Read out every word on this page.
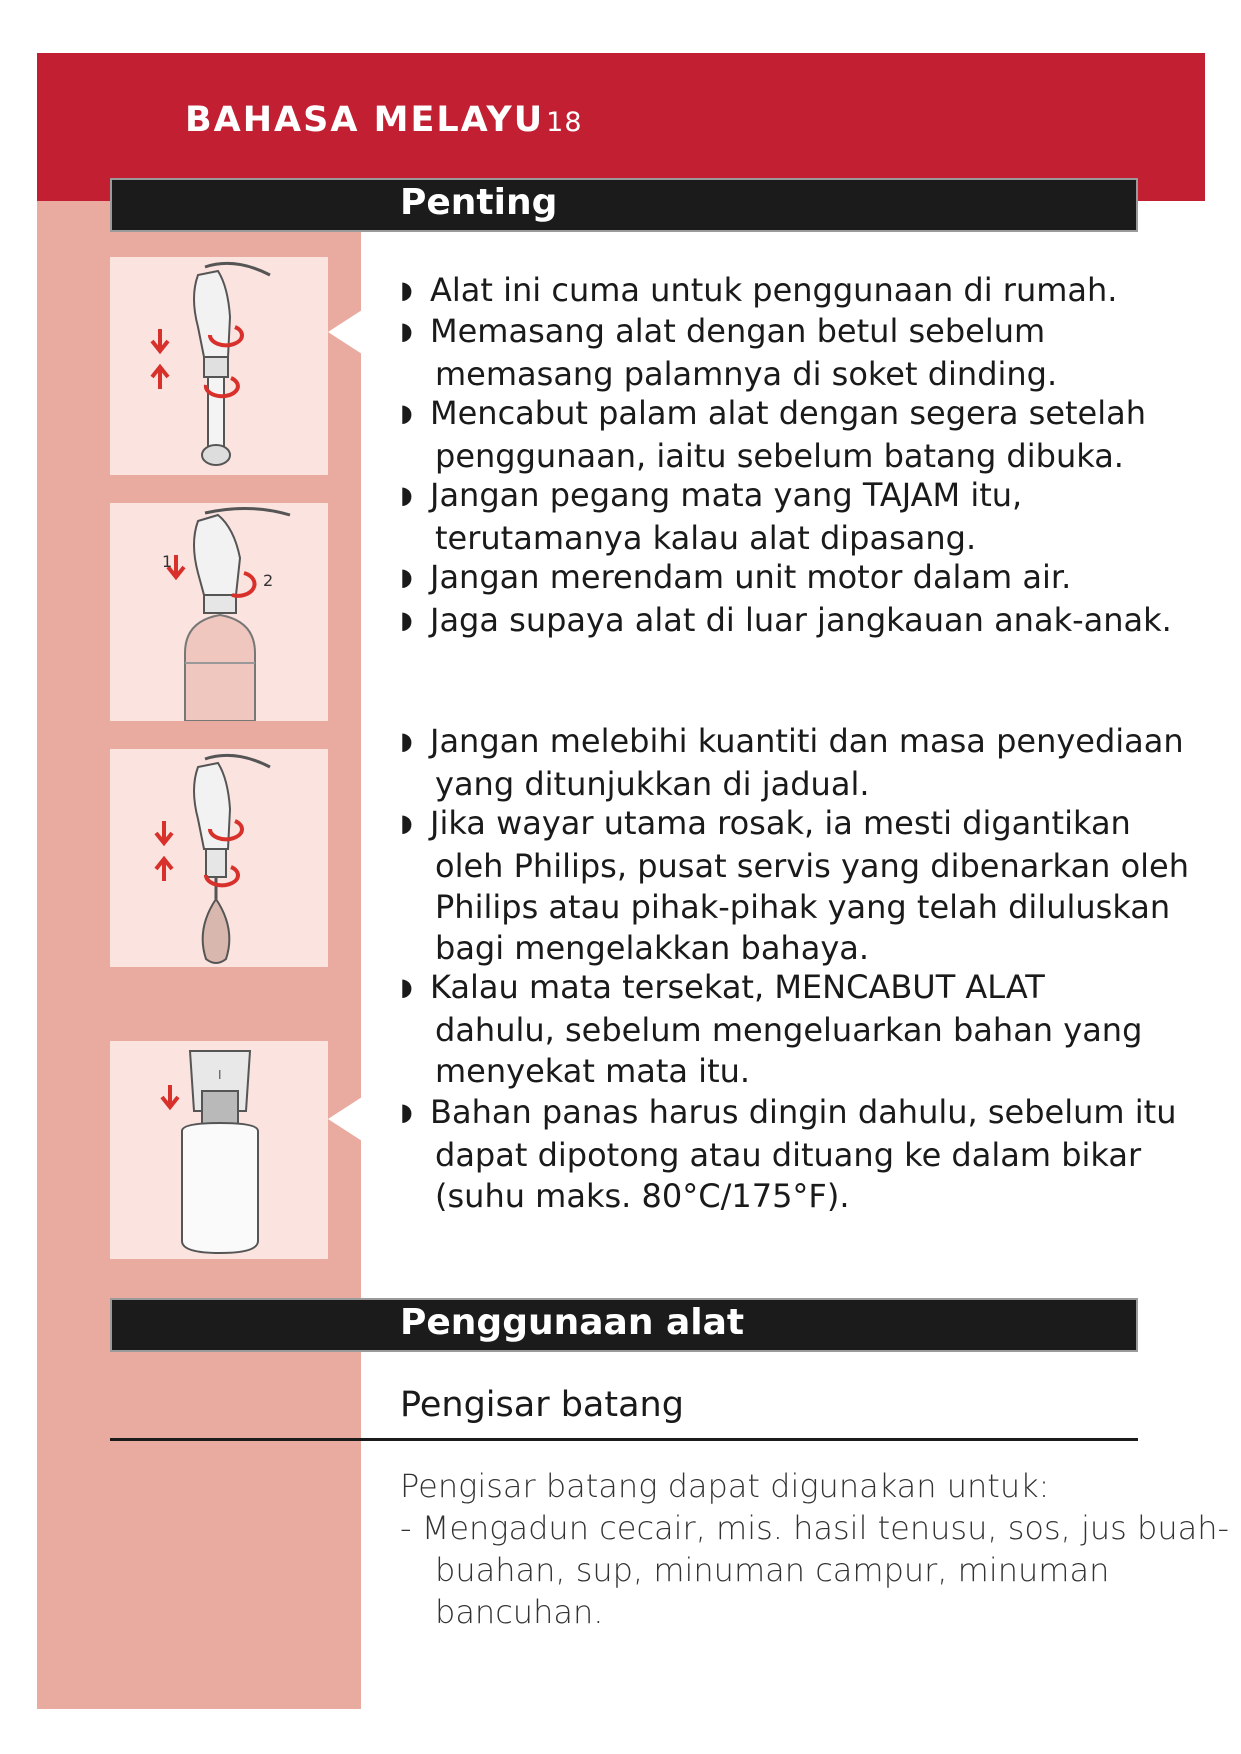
BAHASA MELAYU18
Penting
1
2
I
◗ Alat ini cuma untuk penggunaan di rumah.
◗ Memasang alat dengan betul sebelum
memasang palamnya di soket dinding.
◗ Mencabut palam alat dengan segera setelah
penggunaan, iaitu sebelum batang dibuka.
◗ Jangan pegang mata yang TAJAM itu,
terutamanya kalau alat dipasang.
◗ Jangan merendam unit motor dalam air.
◗ Jaga supaya alat di luar jangkauan anak-anak.
◗ Jangan melebihi kuantiti dan masa penyediaan
yang ditunjukkan di jadual.
◗ Jika wayar utama rosak, ia mesti digantikan
oleh Philips, pusat servis yang dibenarkan oleh
Philips atau pihak-pihak yang telah diluluskan
bagi mengelakkan bahaya.
◗ Kalau mata tersekat, MENCABUT ALAT
dahulu, sebelum mengeluarkan bahan yang
menyekat mata itu.
◗ Bahan panas harus dingin dahulu, sebelum itu
dapat dipotong atau dituang ke dalam bikar
(suhu maks. 80°C/175°F).
Penggunaan alat
Pengisar batang
Pengisar batang dapat digunakan untuk:
- Mengadun cecair, mis. hasil tenusu, sos, jus buah-
buahan, sup, minuman campur, minuman
bancuhan.
